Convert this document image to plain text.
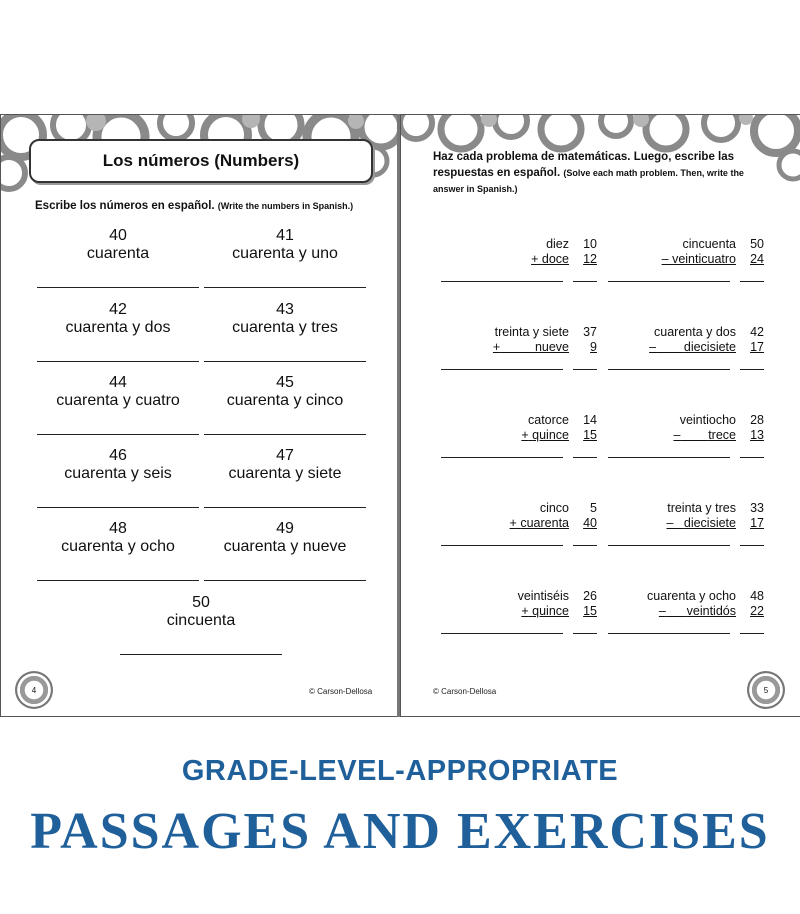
Los números (Numbers)
Escribe los números en español. (Write the numbers in Spanish.)
40
cuarenta
41
cuarenta y uno
42
cuarenta y dos
43
cuarenta y tres
44
cuarenta y cuatro
45
cuarenta y cinco
46
cuarenta y seis
47
cuarenta y siete
48
cuarenta y ocho
49
cuarenta y nueve
50
cincuenta
4	© Carson-Dellosa
Haz cada problema de matemáticas. Luego, escribe las respuestas en español. (Solve each math problem. Then, write the answer in Spanish.)
diez	10
+ doce	12
cincuenta	50
– veinticuatro	24
treinta y siete	37
+	nueve	9
cuarenta y dos	42
– diecisiete	17
catorce	14
+ quince	15
veintiocho	28
– trece	13
cinco	5
+ cuarenta	40
treinta y tres	33
– diecisiete	17
veintiséis	26
+ quince	15
cuarenta y ocho	48
– veintidós	22
© Carson-Dellosa	5
GRADE-LEVEL-APPROPRIATE
PASSAGES AND EXERCISES
